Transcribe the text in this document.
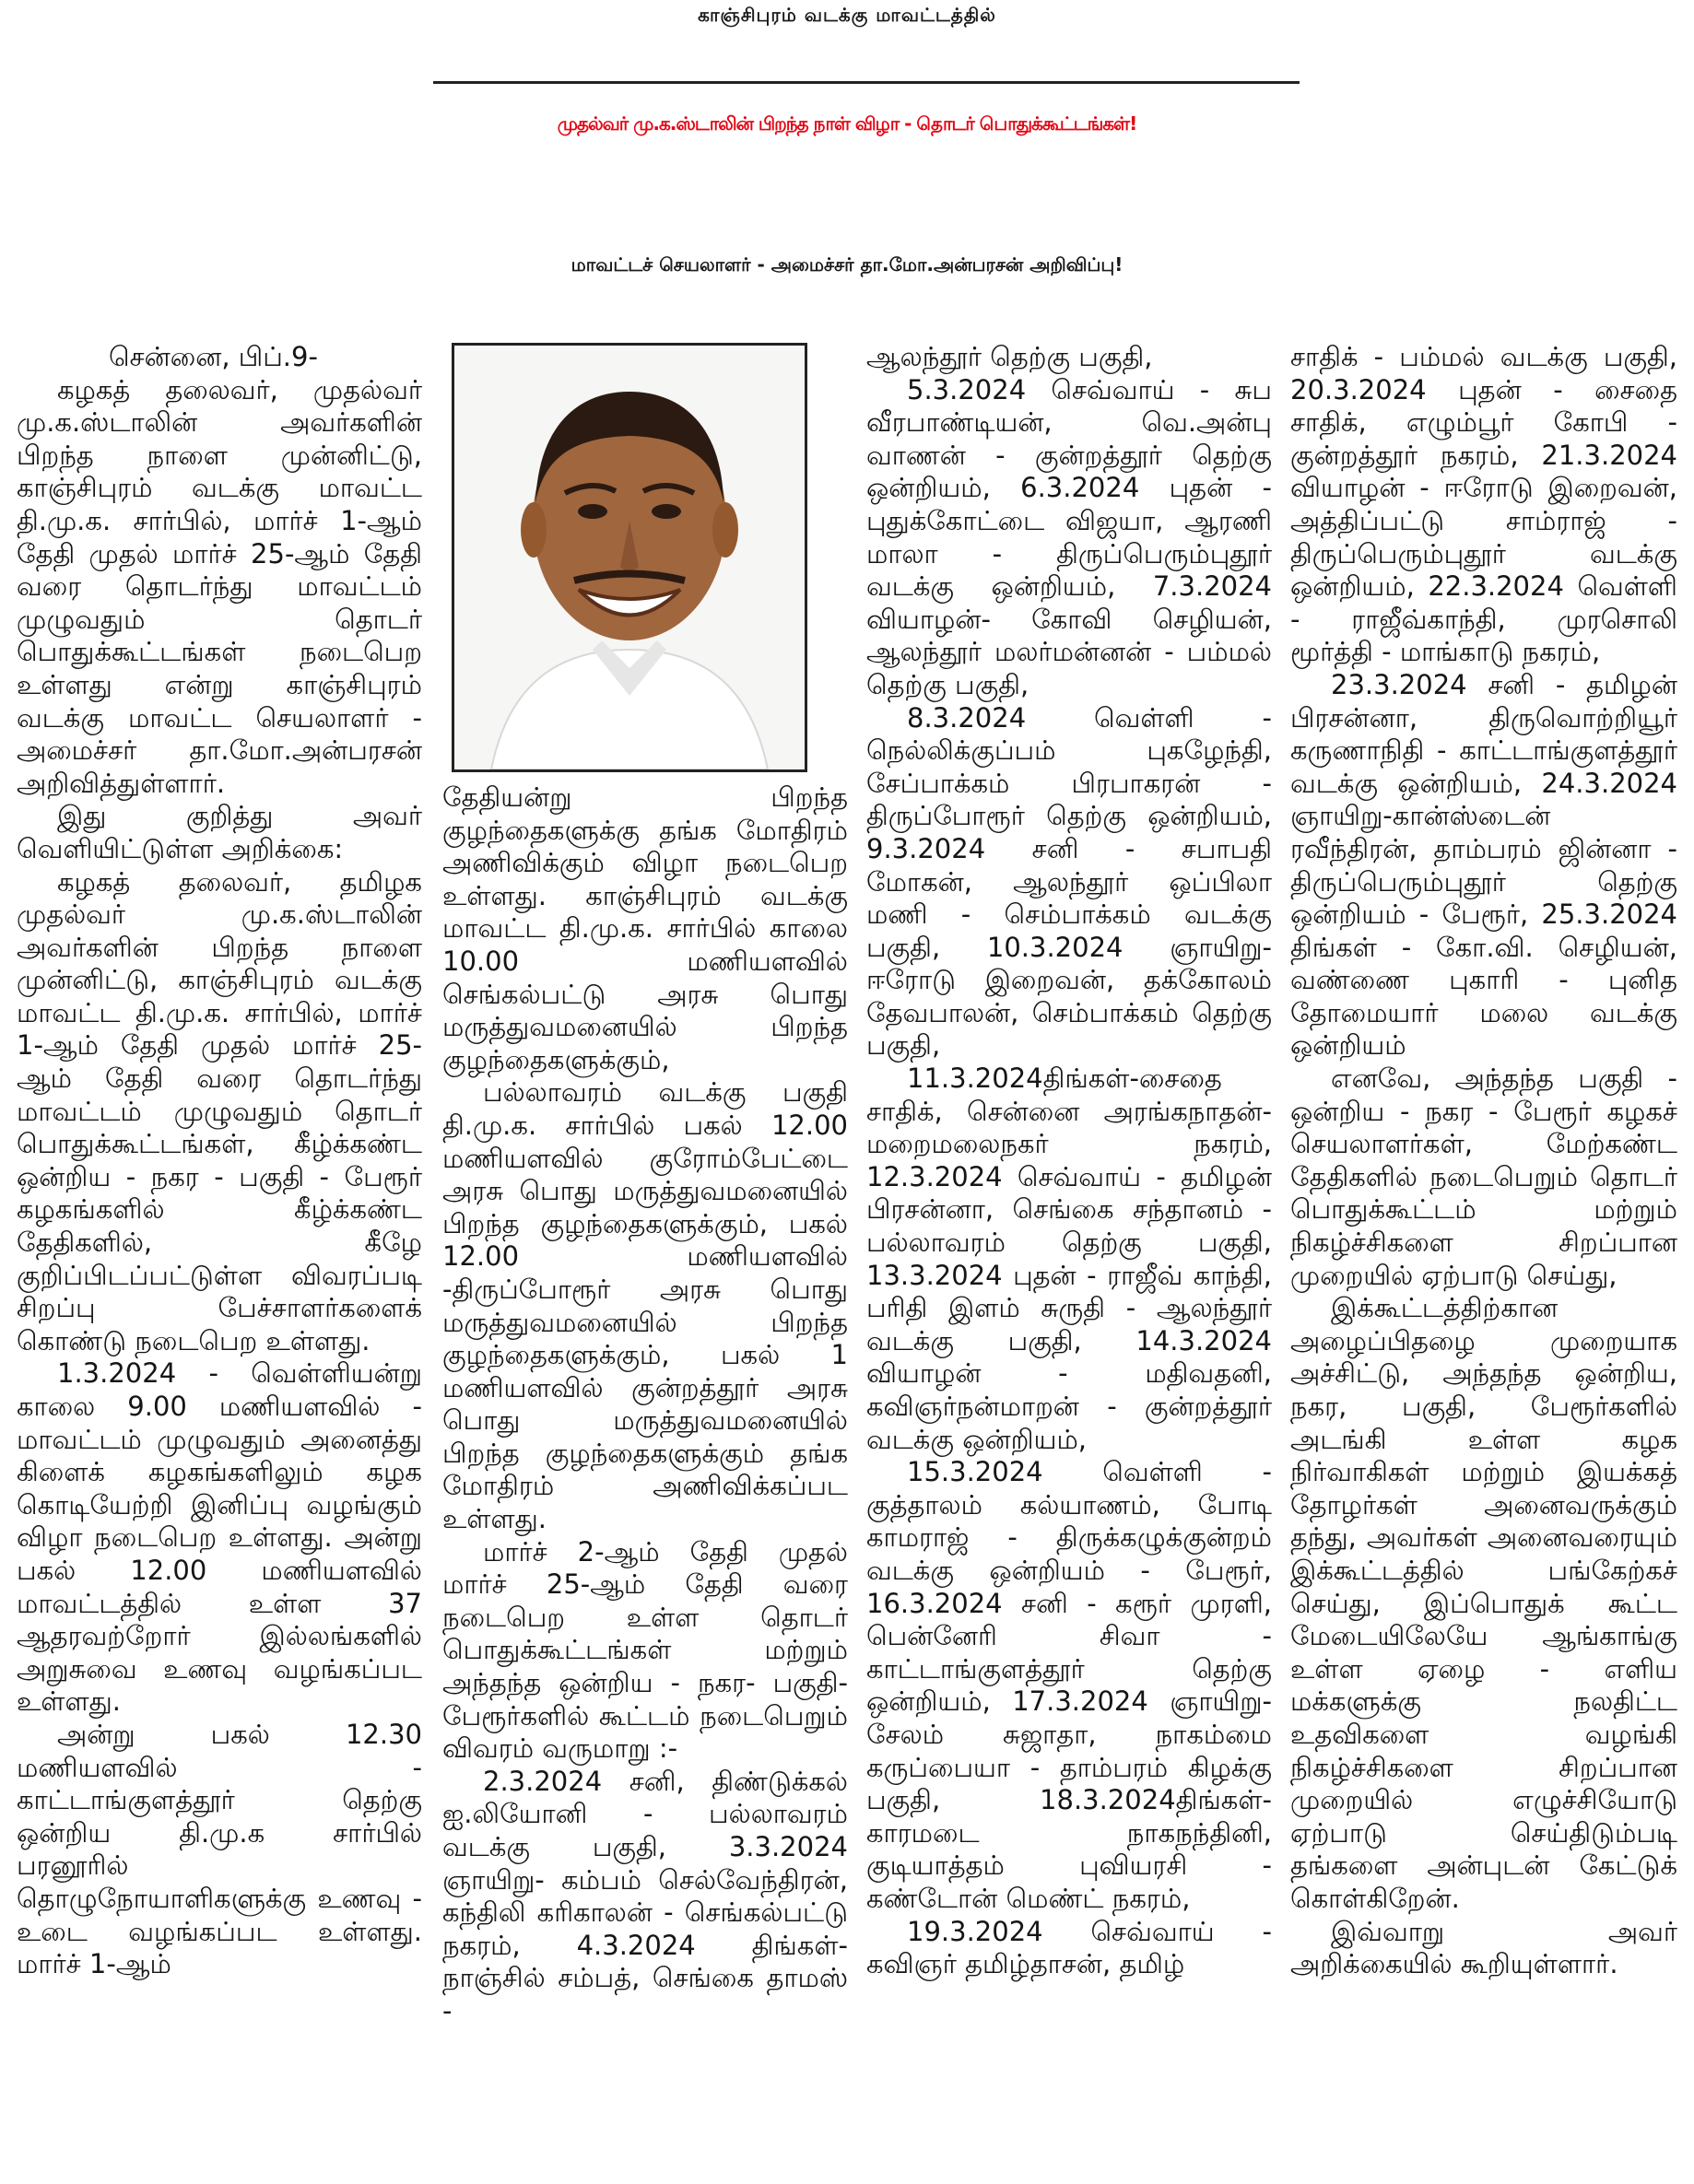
காஞ்சிபுரம் வடக்கு மாவட்டத்தில்
முதல்வர் மு.க.ஸ்டாலின் பிறந்த நாள் விழா - தொடர் பொதுக்கூட்டங்கள்!
மாவட்டச் செயலாளர் - அமைச்சர் தா.மோ.அன்பரசன் அறிவிப்பு!

சென்னை, பிப்.9-

கழகத் தலைவர், முதல்வர் மு.க.ஸ்டாலின் அவர்களின் பிறந்த நாளை முன்னிட்டு, காஞ்சிபுரம் வடக்கு மாவட்ட தி.மு.க. சார்பில், மார்ச் 1-ஆம் தேதி முதல் மார்ச் 25-ஆம் தேதி வரை தொடர்ந்து மாவட்டம் முழுவதும் தொடர் பொதுக்கூட்டங்கள் நடைபெற உள்ளது என்று காஞ்சிபுரம் வடக்கு மாவட்ட செயலாளர் - அமைச்சர் தா.மோ.அன்பரசன் அறிவித்துள்ளார்.

இது குறித்து அவர் வெளியிட்டுள்ள அறிக்கை:

கழகத் தலைவர், தமிழக முதல்வர் மு.க.ஸ்டாலின் அவர்களின் பிறந்த நாளை முன்னிட்டு, காஞ்சிபுரம் வடக்கு மாவட்ட தி.மு.க. சார்பில், மார்ச் 1-ஆம் தேதி முதல் மார்ச் 25-ஆம் தேதி வரை தொடர்ந்து மாவட்டம் முழுவதும் தொடர் பொதுக்கூட்டங்கள், கீழ்க்கண்ட ஒன்றிய - நகர - பகுதி - பேரூர் கழகங்களில் கீழ்க்கண்ட தேதிகளில், கீழே குறிப்பிடப்பட்டுள்ள விவரப்படி சிறப்பு பேச்சாளர்களைக் கொண்டு நடைபெற உள்ளது.

1.3.2024 - வெள்ளியன்று காலை 9.00 மணியளவில் - மாவட்டம் முழுவதும் அனைத்து கிளைக் கழகங்களிலும் கழக கொடியேற்றி இனிப்பு வழங்கும் விழா நடைபெற உள்ளது. அன்று பகல் 12.00 மணியளவில் மாவட்டத்தில் உள்ள 37 ஆதரவற்றோர் இல்லங்களில் அறுசுவை உணவு வழங்கப்பட உள்ளது.

அன்று பகல் 12.30 மணியளவில் - காட்டாங்குளத்தூர் தெற்கு ஒன்றிய தி.மு.க சார்பில் பரனூரில் தொழுநோயாளிகளுக்கு உணவு - உடை வழங்கப்பட உள்ளது. மார்ச் 1-ஆம்

தேதியன்று பிறந்த குழந்தைகளுக்கு தங்க மோதிரம் அணிவிக்கும் விழா நடைபெற உள்ளது. காஞ்சிபுரம் வடக்கு மாவட்ட தி.மு.க. சார்பில் காலை 10.00 மணியளவில் செங்கல்பட்டு அரசு பொது மருத்துவமனையில் பிறந்த குழந்தைகளுக்கும்,

பல்லாவரம் வடக்கு பகுதி தி.மு.க. சார்பில் பகல் 12.00 மணியளவில் குரோம்பேட்டை அரசு பொது மருத்துவமனையில் பிறந்த குழந்தைகளுக்கும், பகல் 12.00 மணியளவில் -திருப்போரூர் அரசு பொது மருத்துவமனையில் பிறந்த குழந்தைகளுக்கும், பகல் 1 மணியளவில் குன்றத்தூர் அரசு பொது மருத்துவமனையில் பிறந்த குழந்தைகளுக்கும் தங்க மோதிரம் அணிவிக்கப்பட உள்ளது.

மார்ச் 2-ஆம் தேதி முதல் மார்ச் 25-ஆம் தேதி வரை நடைபெற உள்ள தொடர் பொதுக்கூட்டங்கள் மற்றும் அந்தந்த ஒன்றிய - நகர- பகுதி-பேரூர்களில் கூட்டம் நடைபெறும் விவரம் வருமாறு :-

2.3.2024 சனி, திண்டுக்கல் ஐ.லியோனி - பல்லாவரம் வடக்கு பகுதி, 3.3.2024 ஞாயிறு- கம்பம் செல்வேந்திரன், கந்திலி கரிகாலன் - செங்கல்பட்டு நகரம், 4.3.2024 திங்கள்- நாஞ்சில் சம்பத், செங்கை தாமஸ் -

ஆலந்தூர் தெற்கு பகுதி,

5.3.2024 செவ்வாய் - சுப வீரபாண்டியன், வெ.அன்பு வாணன் - குன்றத்தூர் தெற்கு ஒன்றியம், 6.3.2024 புதன் - புதுக்கோட்டை விஜயா, ஆரணி மாலா - திருப்பெரும்புதூர் வடக்கு ஒன்றியம், 7.3.2024 வியாழன்- கோவி செழியன், ஆலந்தூர் மலர்மன்னன் - பம்மல் தெற்கு பகுதி,

8.3.2024 வெள்ளி - நெல்லிக்குப்பம் புகழேந்தி, சேப்பாக்கம் பிரபாகரன் - திருப்போரூர் தெற்கு ஒன்றியம், 9.3.2024 சனி - சபாபதி மோகன், ஆலந்தூர் ஒப்பிலா மணி - செம்பாக்கம் வடக்கு பகுதி, 10.3.2024 ஞாயிறு- ஈரோடு இறைவன், தக்கோலம் தேவபாலன், செம்பாக்கம் தெற்கு பகுதி,

11.3.2024திங்கள்-சைதை சாதிக், சென்னை அரங்கநாதன்- மறைமலைநகர் நகரம், 12.3.2024 செவ்வாய் - தமிழன் பிரசன்னா, செங்கை சந்தானம் - பல்லாவரம் தெற்கு பகுதி, 13.3.2024 புதன் - ராஜீவ் காந்தி, பரிதி இளம் சுருதி - ஆலந்தூர் வடக்கு பகுதி, 14.3.2024 வியாழன் - மதிவதனி, கவிஞர்நன்மாறன் - குன்றத்தூர் வடக்கு ஒன்றியம்,

15.3.2024 வெள்ளி - குத்தாலம் கல்யாணம், போடி காமராஜ் - திருக்கழுக்குன்றம் வடக்கு ஒன்றியம் - பேரூர், 16.3.2024 சனி - கரூர் முரளி, பென்னேரி சிவா - காட்டாங்குளத்தூர் தெற்கு ஒன்றியம், 17.3.2024 ஞாயிறு-சேலம் சுஜாதா, நாகம்மை கருப்பையா - தாம்பரம் கிழக்கு பகுதி, 18.3.2024திங்கள்-காரமடை நாகநந்தினி, குடியாத்தம் புவியரசி - கண்டோன் மெண்ட் நகரம்,

19.3.2024 செவ்வாய் - கவிஞர் தமிழ்தாசன், தமிழ்

சாதிக் - பம்மல் வடக்கு பகுதி, 20.3.2024 புதன் - சைதை சாதிக், எழும்பூர் கோபி - குன்றத்தூர் நகரம், 21.3.2024 வியாழன் - ஈரோடு இறைவன், அத்திப்பட்டு சாம்ராஜ் - திருப்பெரும்புதூர் வடக்கு ஒன்றியம், 22.3.2024 வெள்ளி - ராஜீவ்காந்தி, முரசொலி மூர்த்தி - மாங்காடு நகரம்,

23.3.2024 சனி - தமிழன் பிரசன்னா, திருவொற்றியூர் கருணாநிதி - காட்டாங்குளத்தூர் வடக்கு ஒன்றியம், 24.3.2024 ஞாயிறு-கான்ஸ்டைன் ரவீந்திரன், தாம்பரம் ஜின்னா - திருப்பெரும்புதூர் தெற்கு ஒன்றியம் - பேரூர், 25.3.2024 திங்கள் - கோ.வி. செழியன், வண்ணை புகாரி - புனித தோமையார் மலை வடக்கு ஒன்றியம்

எனவே, அந்தந்த பகுதி - ஒன்றிய - நகர - பேரூர் கழகச் செயலாளர்கள், மேற்கண்ட தேதிகளில் நடைபெறும் தொடர் பொதுக்கூட்டம் மற்றும் நிகழ்ச்சிகளை சிறப்பான முறையில் ஏற்பாடு செய்து,

இக்கூட்டத்திற்கான அழைப்பிதழை முறையாக அச்சிட்டு, அந்தந்த ஒன்றிய, நகர, பகுதி, பேரூர்களில் அடங்கி உள்ள கழக நிர்வாகிகள் மற்றும் இயக்கத் தோழர்கள் அனைவருக்கும் தந்து, அவர்கள் அனைவரையும் இக்கூட்டத்தில் பங்கேற்கச் செய்து, இப்பொதுக் கூட்ட மேடையிலேயே ஆங்காங்கு உள்ள ஏழை - எளிய மக்களுக்கு நலதிட்ட உதவிகளை வழங்கி நிகழ்ச்சிகளை சிறப்பான முறையில் எழுச்சியோடு ஏற்பாடு செய்திடும்படி தங்களை அன்புடன் கேட்டுக் கொள்கிறேன்.

இவ்வாறு அவர் அறிக்கையில் கூறியுள்ளார்.
